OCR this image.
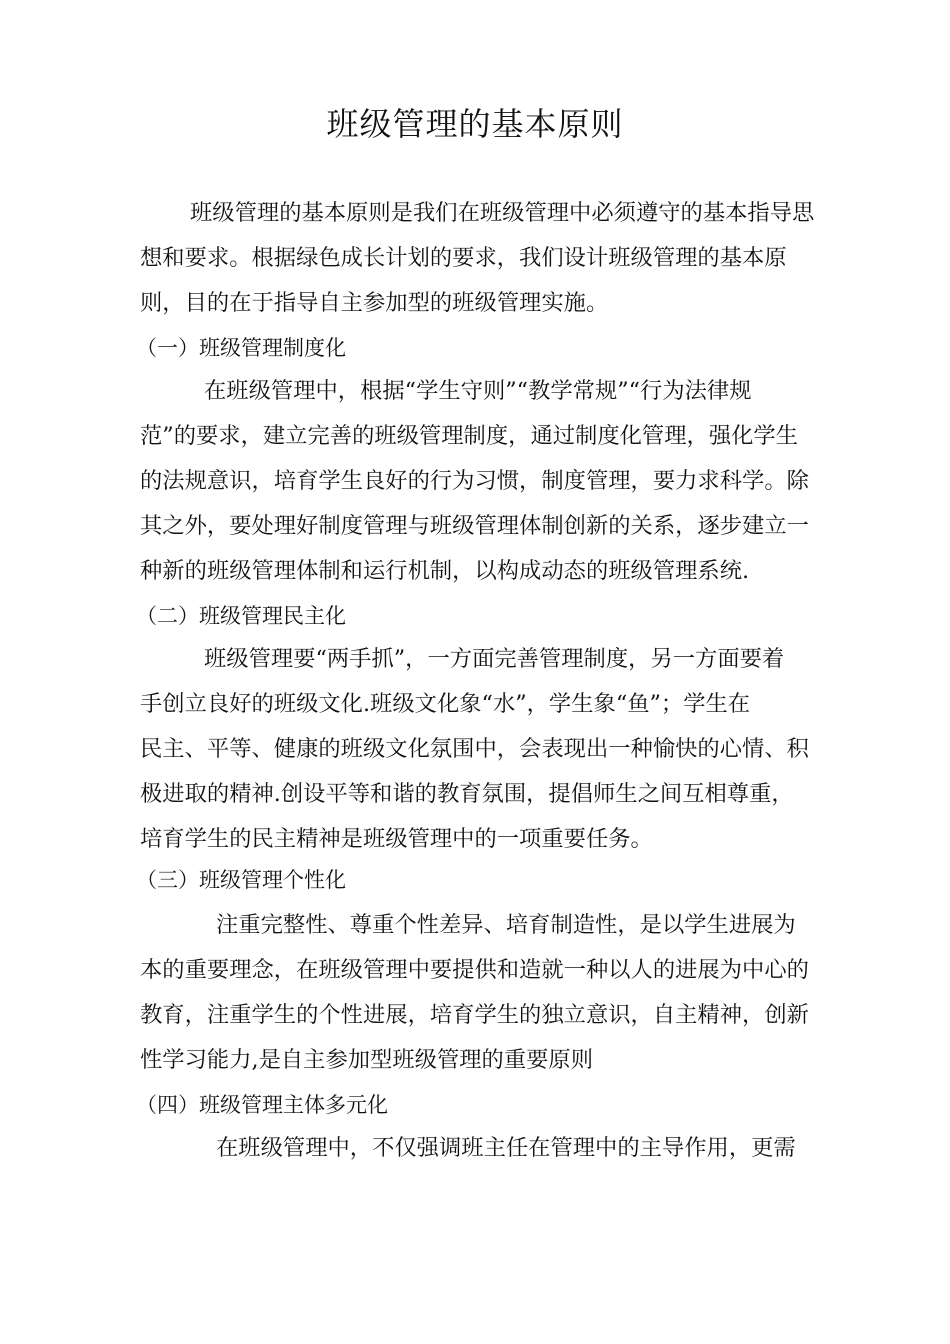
班级管理的基本原则
班级管理的基本原则是我们在班级管理中必须遵守的基本指导思
想和要求。根据绿色成长计划的要求，我们设计班级管理的基本原
则，目的在于指导自主参加型的班级管理实施。
（一）班级管理制度化
在班级管理中，根据“学生守则”“教学常规”“行为法律规
范”的要求，建立完善的班级管理制度，通过制度化管理，强化学生
的法规意识，培育学生良好的行为习惯，制度管理，要力求科学。除
其之外，要处理好制度管理与班级管理体制创新的关系，逐步建立一
种新的班级管理体制和运行机制，以构成动态的班级管理系统.
（二）班级管理民主化
班级管理要“两手抓”，一方面完善管理制度，另一方面要着
手创立良好的班级文化.班级文化象“水”，学生象“鱼”；学生在
民主、平等、健康的班级文化氛围中，会表现出一种愉快的心情、积
极进取的精神.创设平等和谐的教育氛围，提倡师生之间互相尊重，
培育学生的民主精神是班级管理中的一项重要任务。
（三）班级管理个性化
注重完整性、尊重个性差异、培育制造性，是以学生进展为
本的重要理念，在班级管理中要提供和造就一种以人的进展为中心的
教育，注重学生的个性进展，培育学生的独立意识，自主精神，创新
性学习能力,是自主参加型班级管理的重要原则
（四）班级管理主体多元化
在班级管理中，不仅强调班主任在管理中的主导作用，更需
